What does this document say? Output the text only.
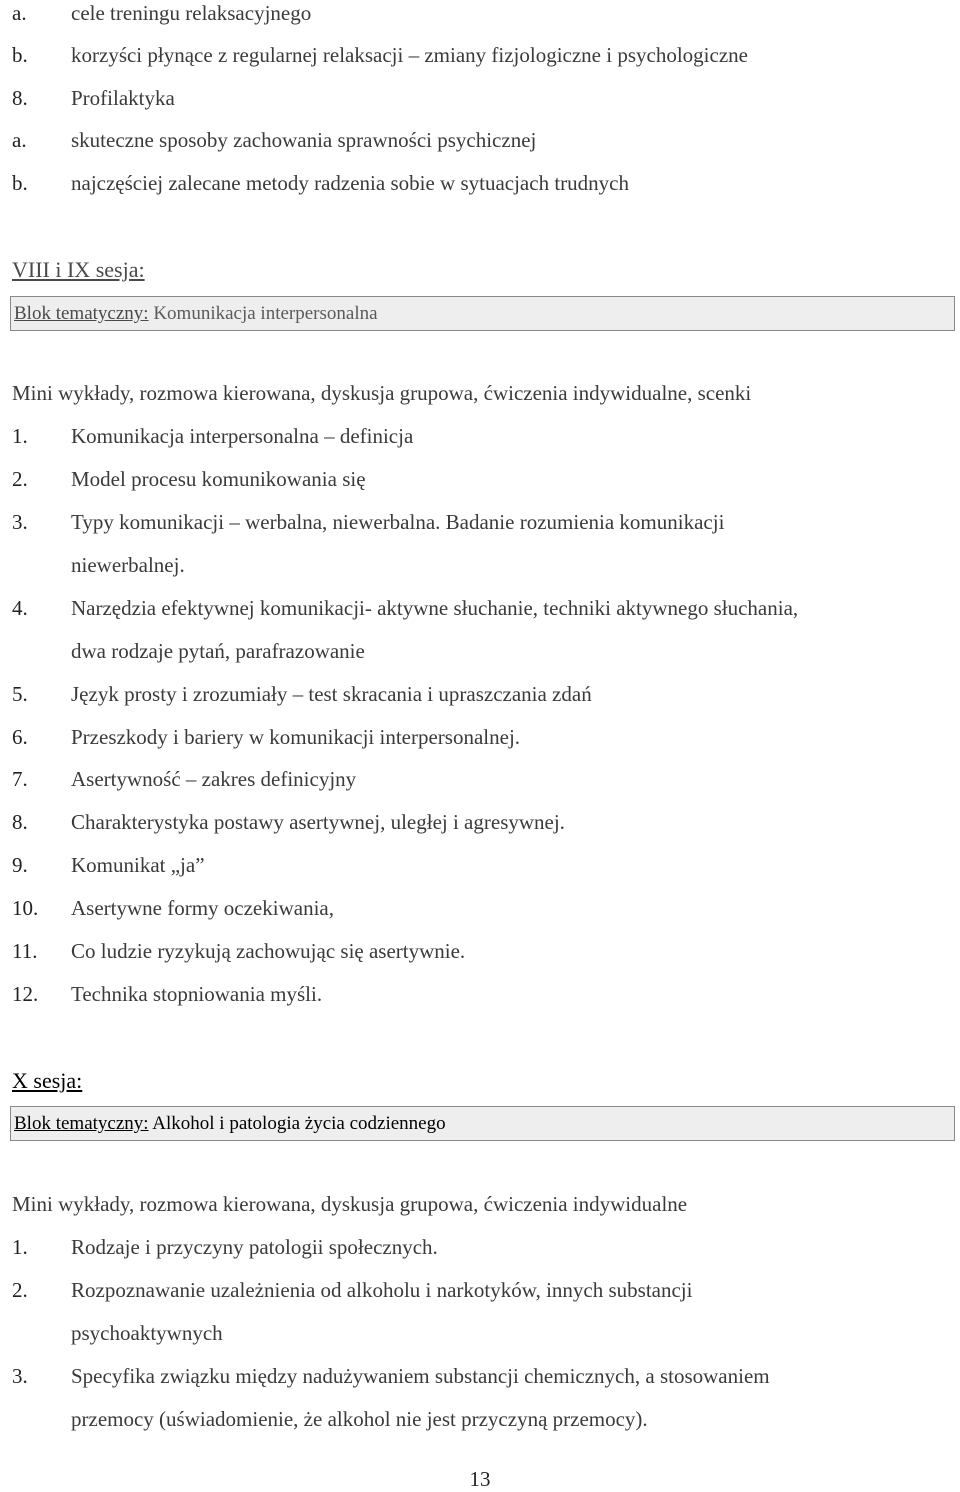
a. cele treningu relaksacyjnego
b. korzyści płynące z regularnej relaksacji – zmiany fizjologiczne i psychologiczne
8. Profilaktyka
a. skuteczne sposoby zachowania sprawności psychicznej
b. najczęściej zalecane metody radzenia sobie w sytuacjach trudnych
VIII i IX sesja:
Blok tematyczny: Komunikacja interpersonalna
Mini wykłady, rozmowa kierowana, dyskusja grupowa, ćwiczenia indywidualne, scenki
1. Komunikacja interpersonalna – definicja
2. Model procesu komunikowania się
3. Typy komunikacji – werbalna, niewerbalna. Badanie rozumienia komunikacji
niewerbalnej.
4. Narzędzia efektywnej komunikacji- aktywne słuchanie, techniki aktywnego słuchania,
dwa rodzaje pytań, parafrazowanie
5. Język prosty i zrozumiały – test skracania i upraszczania zdań
6. Przeszkody i bariery w komunikacji interpersonalnej.
7. Asertywność – zakres definicyjny
8. Charakterystyka postawy asertywnej, uległej i agresywnej.
9. Komunikat „ja”
10. Asertywne formy oczekiwania,
11. Co ludzie ryzykują zachowując się asertywnie.
12. Technika stopniowania myśli.
X sesja:
Blok tematyczny: Alkohol i patologia życia codziennego
Mini wykłady, rozmowa kierowana, dyskusja grupowa, ćwiczenia indywidualne
1. Rodzaje i przyczyny patologii społecznych.
2. Rozpoznawanie uzależnienia od alkoholu i narkotyków, innych substancji
psychoaktywnych
3. Specyfika związku między nadużywaniem substancji chemicznych, a stosowaniem
przemocy (uświadomienie, że alkohol nie jest przyczyną przemocy).
13
